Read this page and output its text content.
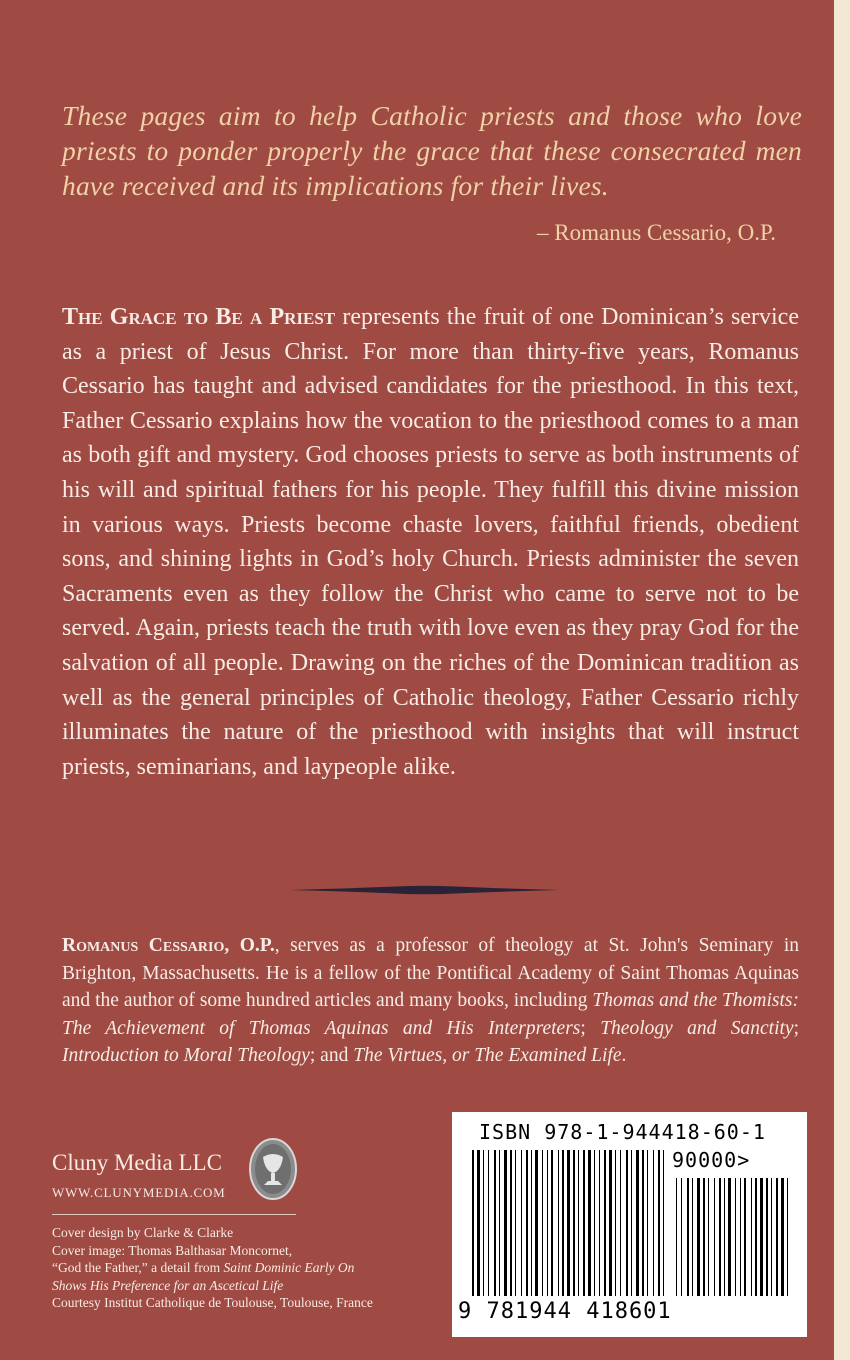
These pages aim to help Catholic priests and those who love priests to ponder properly the grace that these consecrated men have received and its implications for their lives.
– Romanus Cessario, O.P.
The Grace to Be a Priest represents the fruit of one Dominican’s service as a priest of Jesus Christ. For more than thirty-five years, Romanus Cessario has taught and advised candidates for the priesthood. In this text, Father Cessario explains how the vocation to the priesthood comes to a man as both gift and mystery. God chooses priests to serve as both instruments of his will and spiritual fathers for his people. They fulfill this divine mission in various ways. Priests become chaste lovers, faithful friends, obedient sons, and shining lights in God’s holy Church. Priests administer the seven Sacraments even as they follow the Christ who came to serve not to be served. Again, priests teach the truth with love even as they pray God for the salvation of all people. Drawing on the riches of the Dominican tradition as well as the general principles of Catholic theology, Father Cessario richly illuminates the nature of the priesthood with insights that will instruct priests, seminarians, and laypeople alike.
Romanus Cessario, O.P., serves as a professor of theology at St. John's Seminary in Brighton, Massachusetts. He is a fellow of the Pontifical Academy of Saint Thomas Aquinas and the author of some hundred articles and many books, including Thomas and the Thomists: The Achievement of Thomas Aquinas and His Interpreters; Theology and Sanctity; Introduction to Moral Theology; and The Virtues, or The Examined Life.
Cluny Media LLC
WWW.CLUNYMEDIA.COM
Cover design by Clarke & Clarke
Cover image: Thomas Balthasar Moncornet,
“God the Father,” a detail from Saint Dominic Early On
Shows His Preference for an Ascetical Life
Courtesy Institut Catholique de Toulouse, Toulouse, France
ISBN 978-1-944418-60-1
90000>
9 781944 418601
